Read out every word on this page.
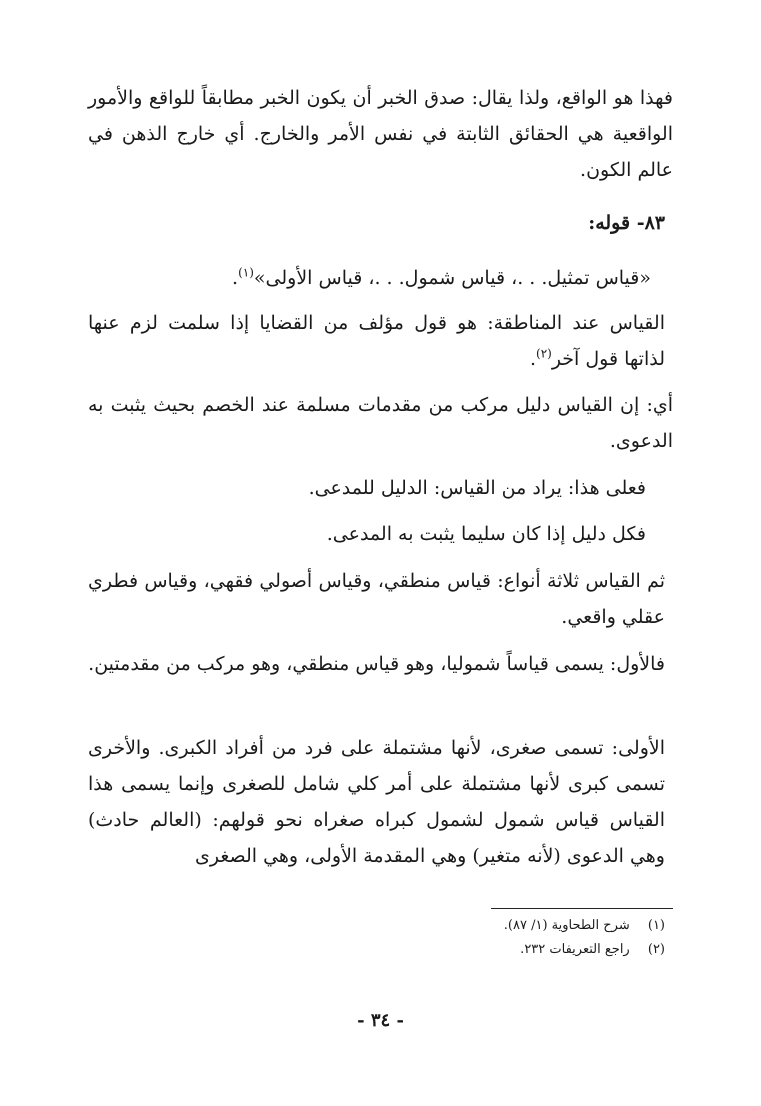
فهذا هو الواقع، ولذا يقال: صدق الخبر أن يكون الخبر مطابقاً للواقع والأمور الواقعية هي الحقائق الثابتة في نفس الأمر والخارج. أي خارج الذهن في عالم الكون.

٨٣- قوله:

«قياس تمثيل. . .، قياس شمول. . .، قياس الأولى»$^{(١)}$.

القياس عند المناطقة: هو قول مؤلف من القضايا إذا سلمت لزم عنها لذاتها قول آخر$^{(٢)}$.

أي: إن القياس دليل مركب من مقدمات مسلمة عند الخصم بحيث يثبت به الدعوى.

فعلى هذا: يراد من القياس: الدليل للمدعى.

فكل دليل إذا كان سليما يثبت به المدعى.

ثم القياس ثلاثة أنواع: قياس منطقي، وقياس أصولي فقهي، وقياس فطري عقلي واقعي.

فالأول: يسمى قياساً شموليا، وهو قياس منطقي، وهو مركب من مقدمتين.

الأولى: تسمى صغرى، لأنها مشتملة على فرد من أفراد الكبرى. والأخرى تسمى كبرى لأنها مشتملة على أمر كلي شامل للصغرى وإنما يسمى هذا القياس قياس شمول لشمول كبراه صغراه نحو قولهم: (العالم حادث) وهي الدعوى (لأنه متغير) وهي المقدمة الأولى، وهي الصغرى

(١) شرح الطحاوية (١/ ٨٧).
(٢) راجع التعريفات ٢٣٢.
- ٣٤ -
